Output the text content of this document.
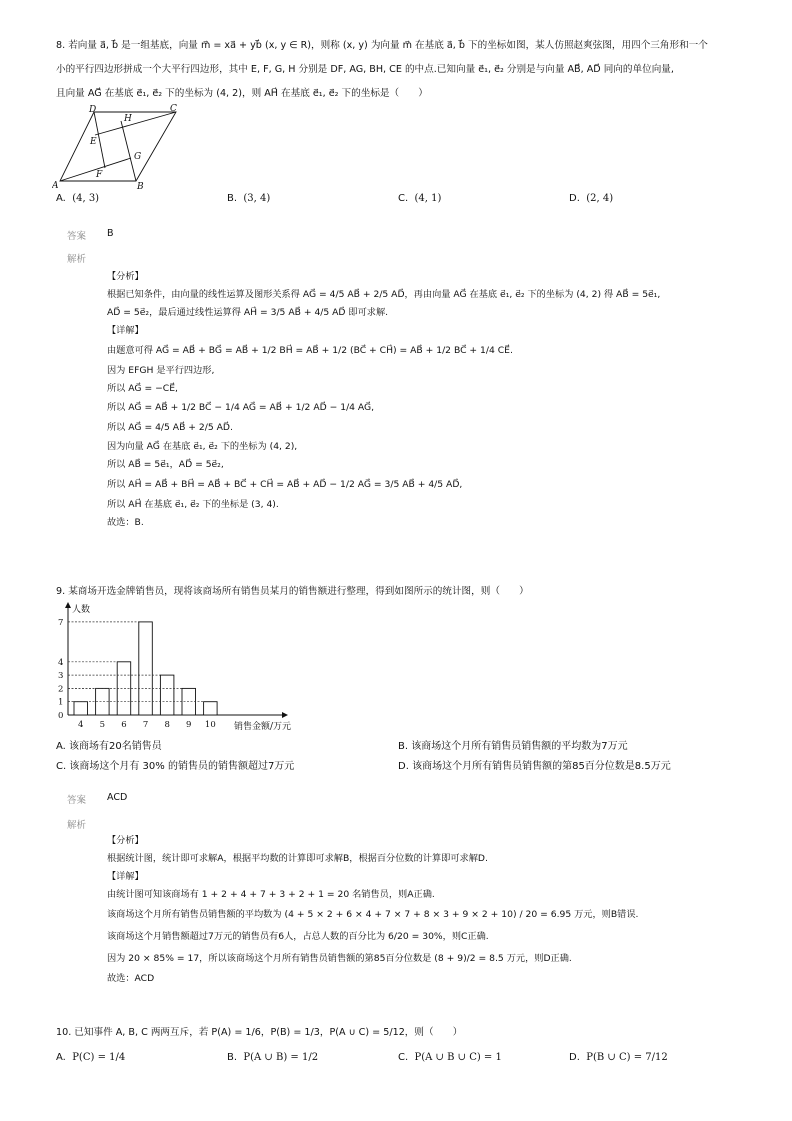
8. 若向量 a⃗, b⃗ 是一组基底，向量 m⃗ = xa⃗ + yb⃗ (x, y ∈ R)，则称 (x, y) 为向量 m⃗ 在基底 a⃗, b⃗ 下的坐标如图，某人仿照赵爽弦图，用四个三角形和一个
小的平行四边形拼成一个大平行四边形，其中 E, F, G, H 分别是 DF, AG, BH, CE 的中点.已知向量 e⃗₁, e⃗₂ 分别是与向量 AB⃗, AD⃗ 同向的单位向量,
且向量 AG⃗ 在基底 e⃗₁, e⃗₂ 下的坐标为 (4, 2)，则 AH⃗ 在基底 e⃗₁, e⃗₂ 下的坐标是（　　）
A	B
C
D
E
F
G
H
A. (4, 3)	B. (3, 4)	C. (4, 1)	D. (2, 4)
答案 B
解析
【分析】
根据已知条件，由向量的线性运算及图形关系得 AG⃗ = 4/5 AB⃗ + 2/5 AD⃗，再由向量 AG⃗ 在基底 e⃗₁, e⃗₂ 下的坐标为 (4, 2) 得 AB⃗ = 5e⃗₁,
AD⃗ = 5e⃗₂，最后通过线性运算得 AH⃗ = 3/5 AB⃗ + 4/5 AD⃗ 即可求解.
【详解】
由题意可得 AG⃗ = AB⃗ + BG⃗ = AB⃗ + 1/2 BH⃗ = AB⃗ + 1/2 (BC⃗ + CH⃗) = AB⃗ + 1/2 BC⃗ + 1/4 CE⃗.
因为 EFGH 是平行四边形,
所以 AG⃗ = −CE⃗,
所以 AG⃗ = AB⃗ + 1/2 BC⃗ − 1/4 AG⃗ = AB⃗ + 1/2 AD⃗ − 1/4 AG⃗,
所以 AG⃗ = 4/5 AB⃗ + 2/5 AD⃗.
因为向量 AG⃗ 在基底 e⃗₁, e⃗₂ 下的坐标为 (4, 2),
所以 AB⃗ = 5e⃗₁，AD⃗ = 5e⃗₂,
所以 AH⃗ = AB⃗ + BH⃗ = AB⃗ + BC⃗ + CH⃗ = AB⃗ + AD⃗ − 1/2 AG⃗ = 3/5 AB⃗ + 4/5 AD⃗,
所以 AH⃗ 在基底 e⃗₁, e⃗₂ 下的坐标是 (3, 4).
故选：B.
9. 某商场开选金牌销售员，现将该商场所有销售员某月的销售额进行整理，得到如图所示的统计图，则（　　）
人数
销售金额/万元
0
1
2
3
4
7
4 5 6 7 8 9 10
A. 该商场有20名销售员	B. 该商场这个月所有销售员销售额的平均数为7万元
C. 该商场这个月有 30% 的销售员的销售额超过7万元	D. 该商场这个月所有销售员销售额的第85百分位数是8.5万元
答案 ACD
解析
【分析】
根据统计图，统计即可求解A，根据平均数的计算即可求解B，根据百分位数的计算即可求解D.
【详解】
由统计图可知该商场有 1 + 2 + 4 + 7 + 3 + 2 + 1 = 20 名销售员，则A正确.
该商场这个月所有销售员销售额的平均数为 (4 + 5 × 2 + 6 × 4 + 7 × 7 + 8 × 3 + 9 × 2 + 10) / 20 = 6.95 万元，则B错误.
该商场这个月销售额超过7万元的销售员有6人，占总人数的百分比为 6/20 = 30%，则C正确.
因为 20 × 85% = 17，所以该商场这个月所有销售员销售额的第85百分位数是 (8 + 9)/2 = 8.5 万元，则D正确.
故选：ACD
10. 已知事件 A, B, C 两两互斥，若 P(A) = 1/6，P(B) = 1/3，P(A ∪ C) = 5/12，则（　　）
A. P(C) = 1/4	B. P(A ∪ B) = 1/2	C. P(A ∪ B ∪ C) = 1	D. P(B ∪ C) = 7/12
